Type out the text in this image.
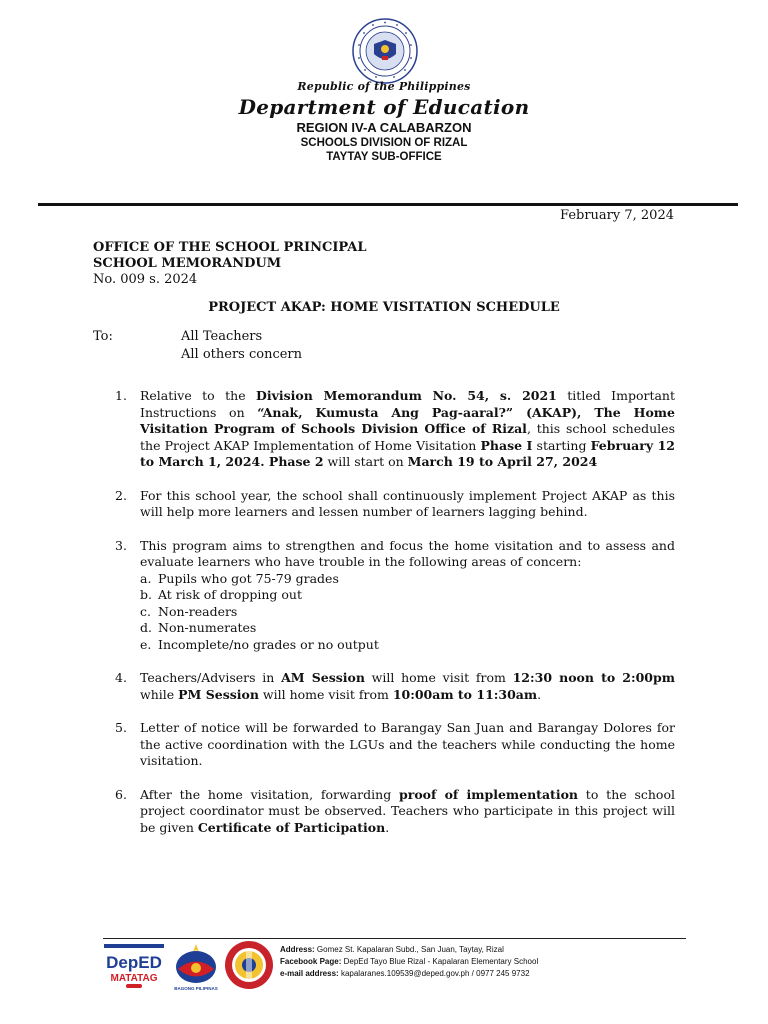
Republic of the Philippines
Department of Education
REGION IV-A CALABARZON
SCHOOLS DIVISION OF RIZAL
TAYTAY SUB-OFFICE
February 7, 2024
OFFICE OF THE SCHOOL PRINCIPAL
SCHOOL MEMORANDUM
No. 009 s. 2024
PROJECT AKAP: HOME VISITATION SCHEDULE
To:	All Teachers
All others concern
1. Relative to the Division Memorandum No. 54, s. 2021 titled Important Instructions on “Anak, Kumusta Ang Pag-aaral?” (AKAP), The Home Visitation Program of Schools Division Office of Rizal, this school schedules the Project AKAP Implementation of Home Visitation Phase I starting February 12 to March 1, 2024. Phase 2 will start on March 19 to April 27, 2024
2. For this school year, the school shall continuously implement Project AKAP as this will help more learners and lessen number of learners lagging behind.
3. This program aims to strengthen and focus the home visitation and to assess and evaluate learners who have trouble in the following areas of concern:
a. Pupils who got 75-79 grades
b. At risk of dropping out
c. Non-readers
d. Non-numerates
e. Incomplete/no grades or no output
4. Teachers/Advisers in AM Session will home visit from 12:30 noon to 2:00pm while PM Session will home visit from 10:00am to 11:30am.
5. Letter of notice will be forwarded to Barangay San Juan and Barangay Dolores for the active coordination with the LGUs and the teachers while conducting the home visitation.
6. After the home visitation, forwarding proof of implementation to the school project coordinator must be observed. Teachers who participate in this project will be given Certificate of Participation.
DepED
MATATAG
BAGONG PILIPINAS
Address: Gomez St. Kapalaran Subd., San Juan, Taytay, Rizal
Facebook Page: DepEd Tayo Blue Rizal - Kapalaran Elementary School
e-mail address: kapalaranes.109539@deped.gov.ph / 0977 245 9732
